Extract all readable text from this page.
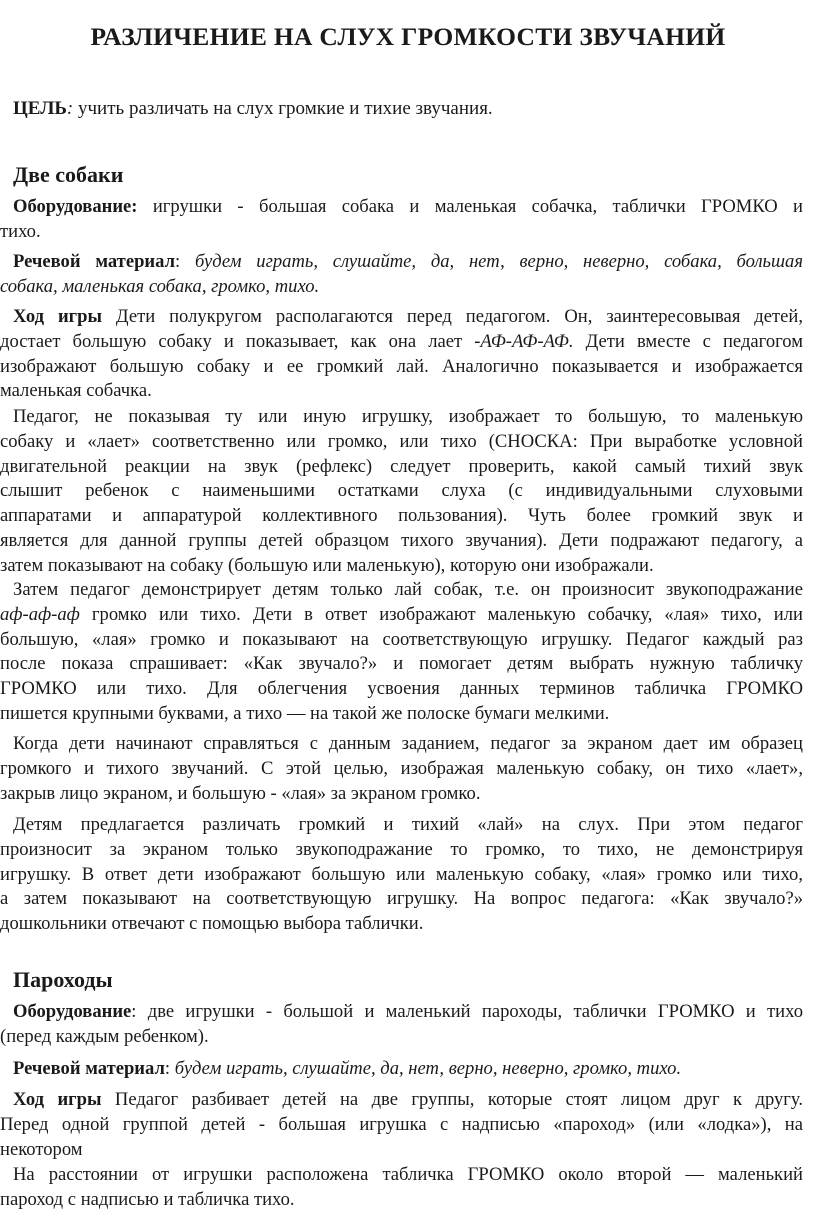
РАЗЛИЧЕНИЕ НА СЛУХ ГРОМКОСТИ ЗВУЧАНИЙ

ЦЕЛЬ: учить различать на слух громкие и тихие звучания.

Две собаки
Оборудование: игрушки - большая собака и маленькая собачка, таблички ГРОМКО и
тихо.
Речевой материал: будем играть, слушайте, да, нет, верно, неверно, собака, большая
собака, маленькая собака, громко, тихо.
Ход игры Дети полукругом располагаются перед педагогом. Он, заинтересовывая детей,
достает большую собаку и показывает, как она лает -АФ-АФ-АФ. Дети вместе с педагогом
изображают большую собаку и ее громкий лай. Аналогично показывается и изображается
маленькая собачка.
Педагог, не показывая ту или иную игрушку, изображает то большую, то маленькую
собаку и «лает» соответственно или громко, или тихо (СНОСКА: При выработке условной
двигательной реакции на звук (рефлекс) следует проверить, какой самый тихий звук
слышит ребенок с наименьшими остатками слуха (с индивидуальными слуховыми
аппаратами и аппаратурой коллективного пользования). Чуть более громкий звук и
является для данной группы детей образцом тихого звучания). Дети подражают педагогу, а
затем показывают на собаку (большую или маленькую), которую они изображали.
Затем педагог демонстрирует детям только лай собак, т.е. он произносит звукоподражание
аф-аф-аф громко или тихо. Дети в ответ изображают маленькую собачку, «лая» тихо, или
большую, «лая» громко и показывают на соответствующую игрушку. Педагог каждый раз
после показа спрашивает: «Как звучало?» и помогает детям выбрать нужную табличку
ГРОМКО или тихо. Для облегчения усвоения данных терминов табличка ГРОМКО
пишется крупными буквами, а тихо — на такой же полоске бумаги мелкими.
Когда дети начинают справляться с данным заданием, педагог за экраном дает им образец
громкого и тихого звучаний. С этой целью, изображая маленькую собаку, он тихо «лает»,
закрыв лицо экраном, и большую - «лая» за экраном громко.
Детям предлагается различать громкий и тихий «лай» на слух. При этом педагог
произносит за экраном только звукоподражание то громко, то тихо, не демонстрируя
игрушку. В ответ дети изображают большую или маленькую собаку, «лая» громко или тихо,
а затем показывают на соответствующую игрушку. На вопрос педагога: «Как звучало?»
дошкольники отвечают с помощью выбора таблички.
Пароходы
Оборудование: две игрушки - большой и маленький пароходы, таблички ГРОМКО и тихо
(перед каждым ребенком).
Речевой материал: будем играть, слушайте, да, нет, верно, неверно, громко, тихо.
Ход игры Педагог разбивает детей на две группы, которые стоят лицом друг к другу.
Перед одной группой детей - большая игрушка с надписью «пароход» (или «лодка»), на
некотором
На расстоянии от игрушки расположена табличка ГРОМКО около второй — маленький
пароход с надписью и табличка тихо.
